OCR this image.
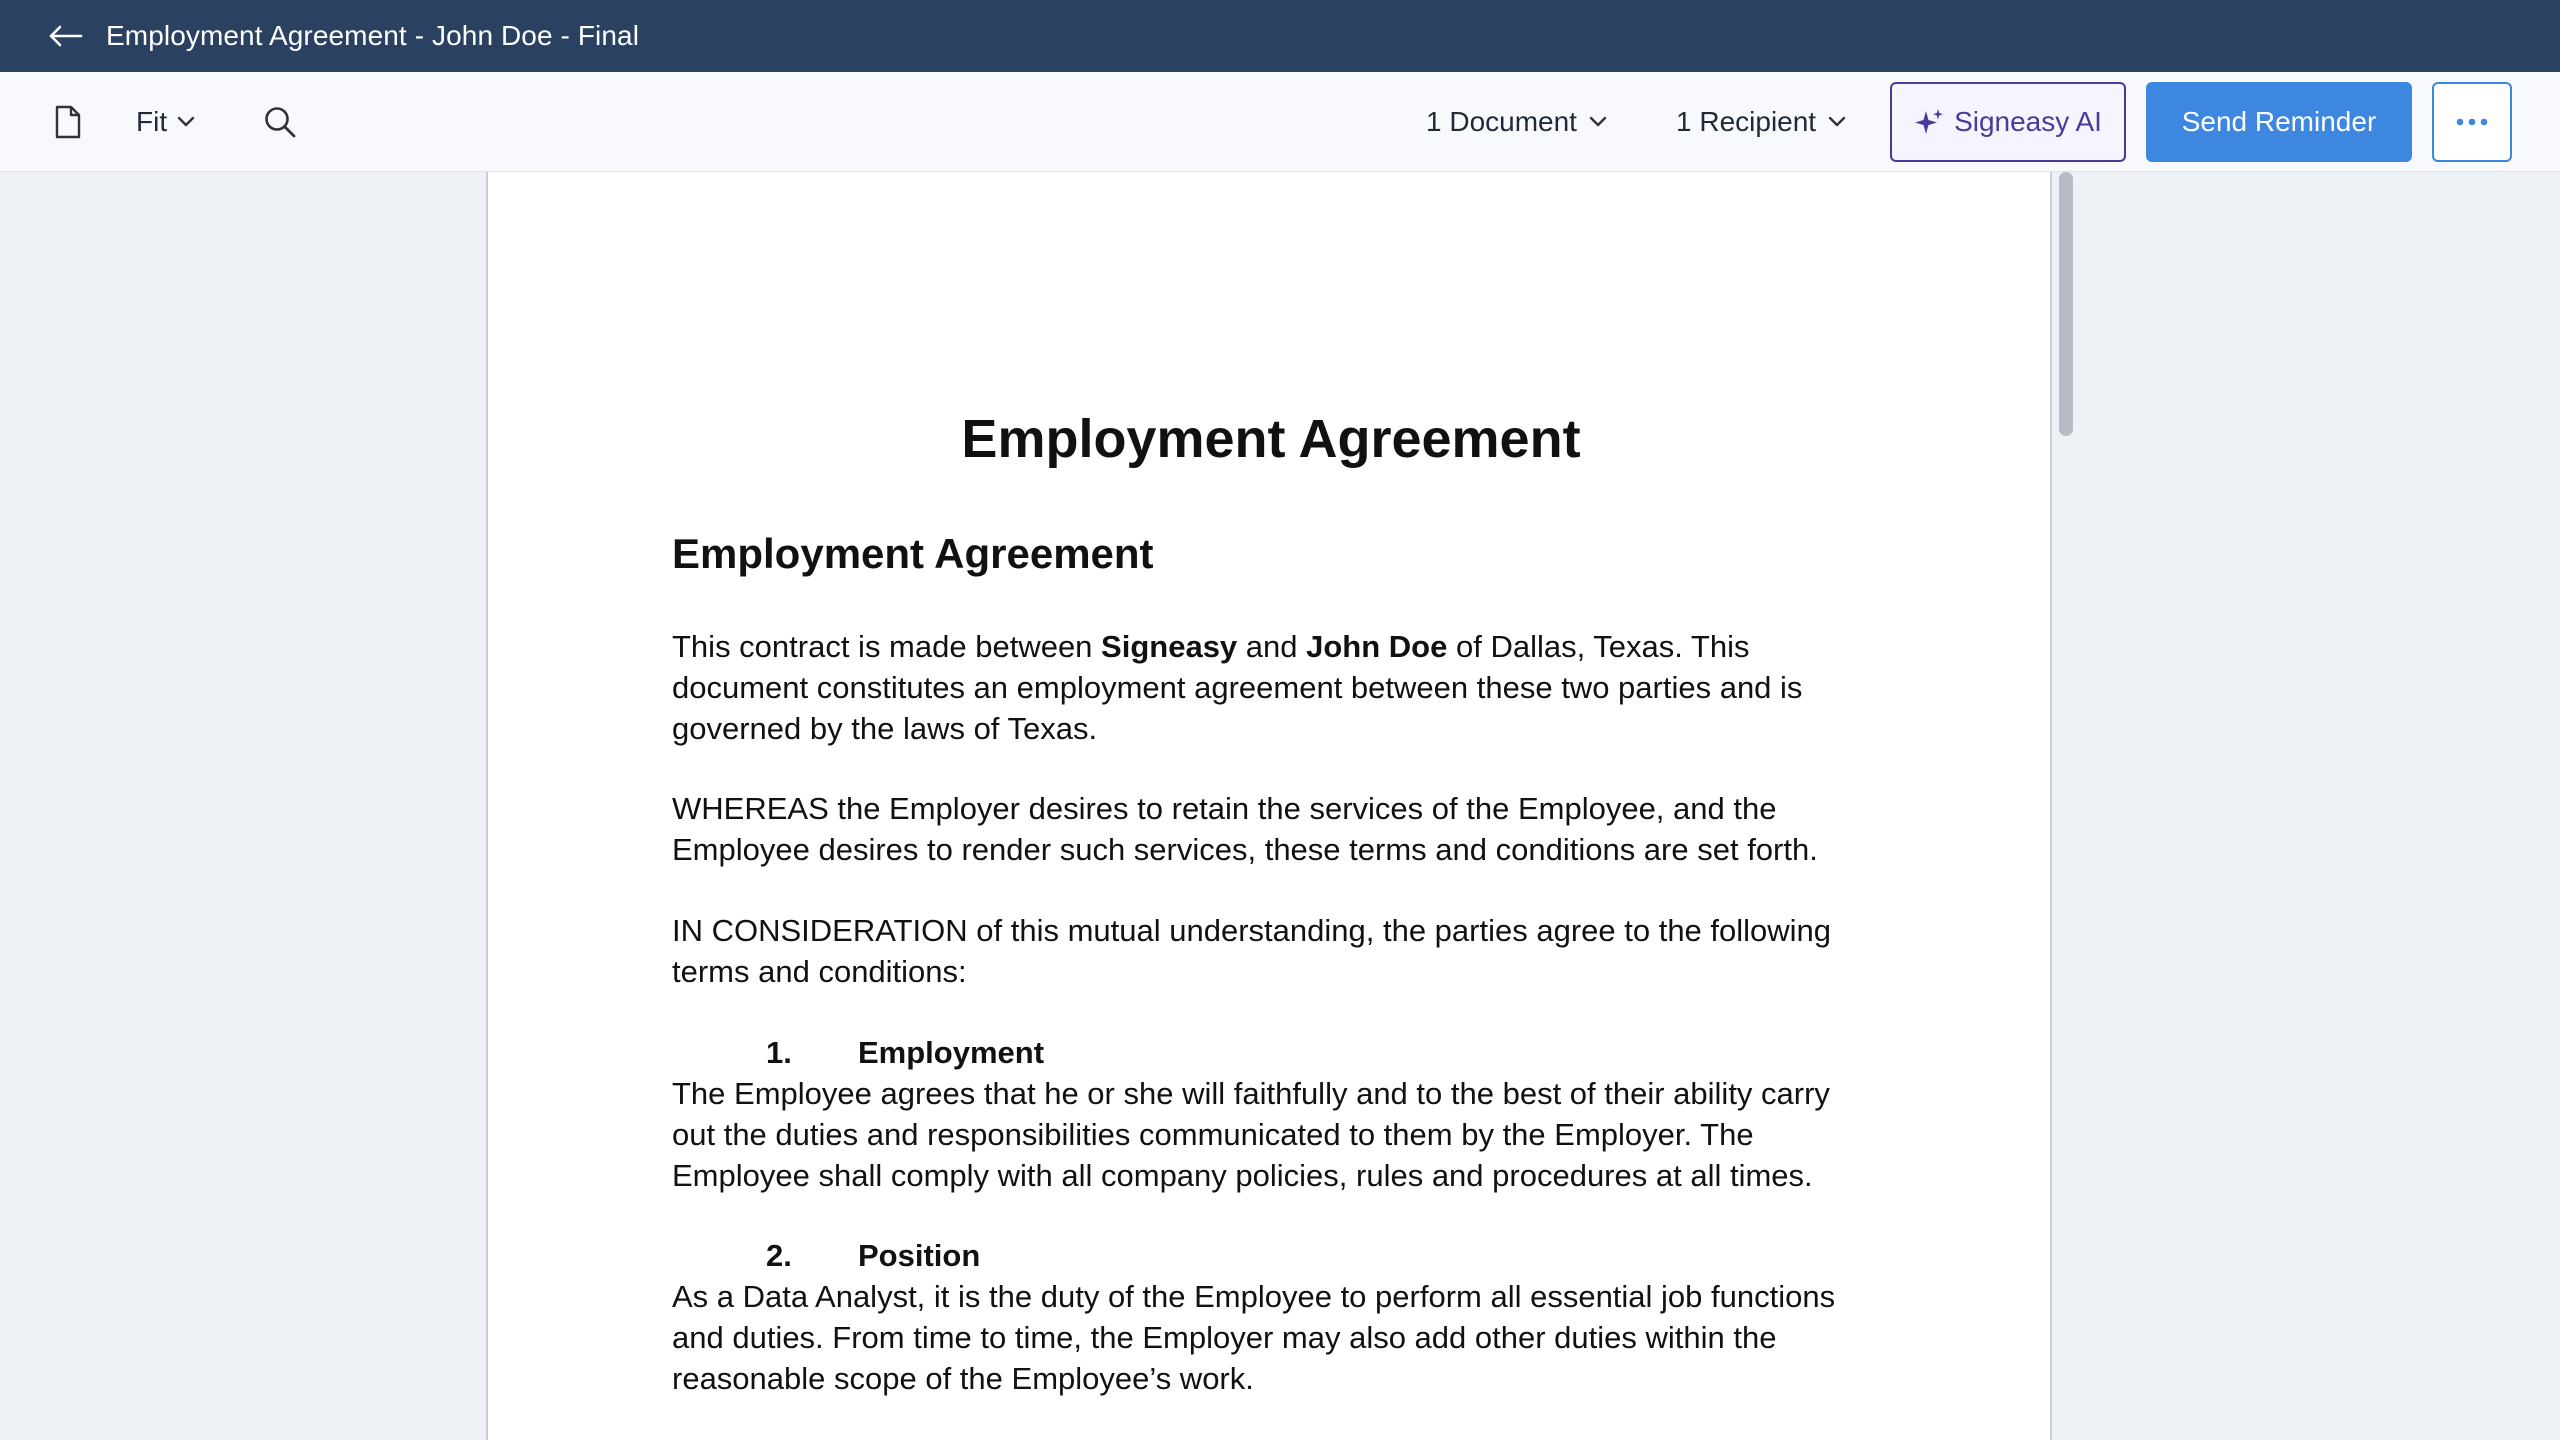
Employment Agreement - John Doe - Final
Fit	1 Document	1 Recipient	Signeasy AI	Send Reminder
Employment Agreement
Employment Agreement
This contract is made between Signeasy and John Doe of Dallas, Texas. This document constitutes an employment agreement between these two parties and is governed by the laws of Texas.
WHEREAS the Employer desires to retain the services of the Employee, and the Employee desires to render such services, these terms and conditions are set forth.
IN CONSIDERATION of this mutual understanding, the parties agree to the following terms and conditions:
1. Employment
The Employee agrees that he or she will faithfully and to the best of their ability carry out the duties and responsibilities communicated to them by the Employer. The Employee shall comply with all company policies, rules and procedures at all times.
2. Position
As a Data Analyst, it is the duty of the Employee to perform all essential job functions and duties. From time to time, the Employer may also add other duties within the reasonable scope of the Employee’s work.
